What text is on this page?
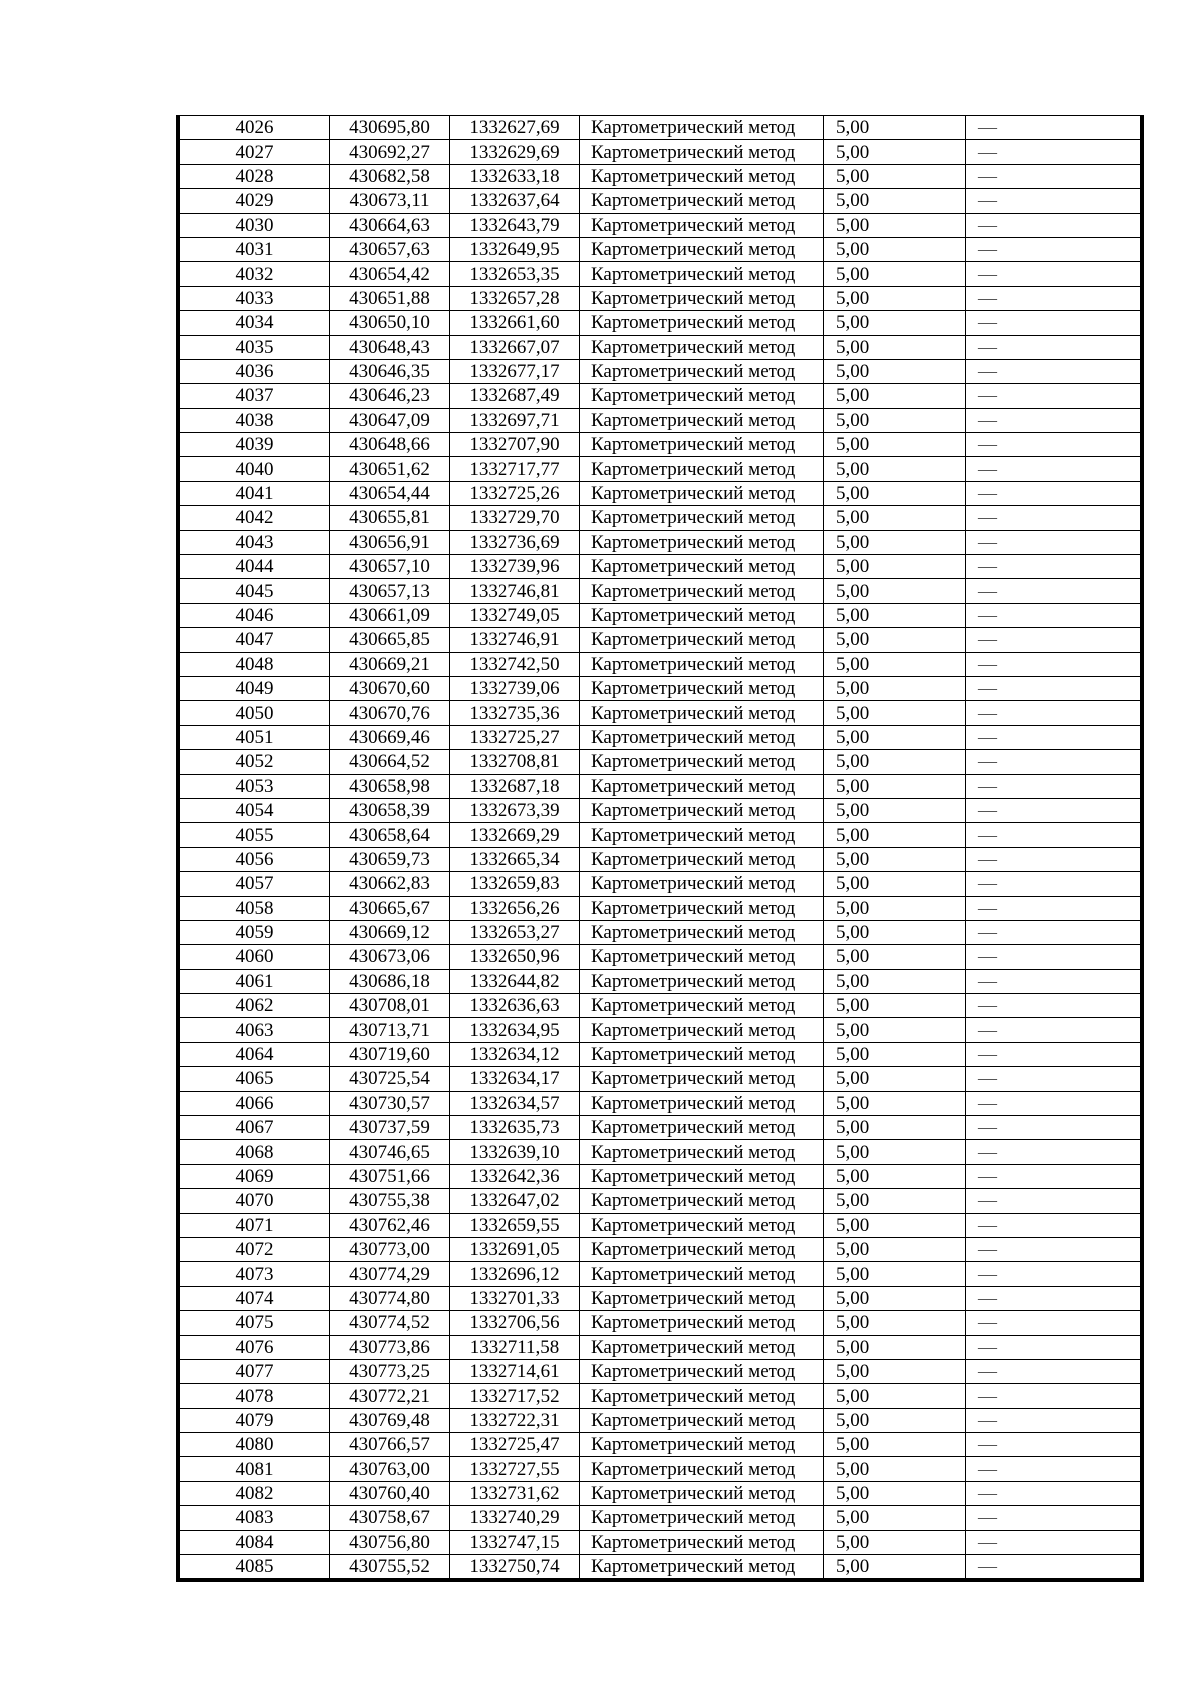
4026	430695,80	1332627,69	Картометрический метод	5,00	—
4027	430692,27	1332629,69	Картометрический метод	5,00	—
4028	430682,58	1332633,18	Картометрический метод	5,00	—
4029	430673,11	1332637,64	Картометрический метод	5,00	—
4030	430664,63	1332643,79	Картометрический метод	5,00	—
4031	430657,63	1332649,95	Картометрический метод	5,00	—
4032	430654,42	1332653,35	Картометрический метод	5,00	—
4033	430651,88	1332657,28	Картометрический метод	5,00	—
4034	430650,10	1332661,60	Картометрический метод	5,00	—
4035	430648,43	1332667,07	Картометрический метод	5,00	—
4036	430646,35	1332677,17	Картометрический метод	5,00	—
4037	430646,23	1332687,49	Картометрический метод	5,00	—
4038	430647,09	1332697,71	Картометрический метод	5,00	—
4039	430648,66	1332707,90	Картометрический метод	5,00	—
4040	430651,62	1332717,77	Картометрический метод	5,00	—
4041	430654,44	1332725,26	Картометрический метод	5,00	—
4042	430655,81	1332729,70	Картометрический метод	5,00	—
4043	430656,91	1332736,69	Картометрический метод	5,00	—
4044	430657,10	1332739,96	Картометрический метод	5,00	—
4045	430657,13	1332746,81	Картометрический метод	5,00	—
4046	430661,09	1332749,05	Картометрический метод	5,00	—
4047	430665,85	1332746,91	Картометрический метод	5,00	—
4048	430669,21	1332742,50	Картометрический метод	5,00	—
4049	430670,60	1332739,06	Картометрический метод	5,00	—
4050	430670,76	1332735,36	Картометрический метод	5,00	—
4051	430669,46	1332725,27	Картометрический метод	5,00	—
4052	430664,52	1332708,81	Картометрический метод	5,00	—
4053	430658,98	1332687,18	Картометрический метод	5,00	—
4054	430658,39	1332673,39	Картометрический метод	5,00	—
4055	430658,64	1332669,29	Картометрический метод	5,00	—
4056	430659,73	1332665,34	Картометрический метод	5,00	—
4057	430662,83	1332659,83	Картометрический метод	5,00	—
4058	430665,67	1332656,26	Картометрический метод	5,00	—
4059	430669,12	1332653,27	Картометрический метод	5,00	—
4060	430673,06	1332650,96	Картометрический метод	5,00	—
4061	430686,18	1332644,82	Картометрический метод	5,00	—
4062	430708,01	1332636,63	Картометрический метод	5,00	—
4063	430713,71	1332634,95	Картометрический метод	5,00	—
4064	430719,60	1332634,12	Картометрический метод	5,00	—
4065	430725,54	1332634,17	Картометрический метод	5,00	—
4066	430730,57	1332634,57	Картометрический метод	5,00	—
4067	430737,59	1332635,73	Картометрический метод	5,00	—
4068	430746,65	1332639,10	Картометрический метод	5,00	—
4069	430751,66	1332642,36	Картометрический метод	5,00	—
4070	430755,38	1332647,02	Картометрический метод	5,00	—
4071	430762,46	1332659,55	Картометрический метод	5,00	—
4072	430773,00	1332691,05	Картометрический метод	5,00	—
4073	430774,29	1332696,12	Картометрический метод	5,00	—
4074	430774,80	1332701,33	Картометрический метод	5,00	—
4075	430774,52	1332706,56	Картометрический метод	5,00	—
4076	430773,86	1332711,58	Картометрический метод	5,00	—
4077	430773,25	1332714,61	Картометрический метод	5,00	—
4078	430772,21	1332717,52	Картометрический метод	5,00	—
4079	430769,48	1332722,31	Картометрический метод	5,00	—
4080	430766,57	1332725,47	Картометрический метод	5,00	—
4081	430763,00	1332727,55	Картометрический метод	5,00	—
4082	430760,40	1332731,62	Картометрический метод	5,00	—
4083	430758,67	1332740,29	Картометрический метод	5,00	—
4084	430756,80	1332747,15	Картометрический метод	5,00	—
4085	430755,52	1332750,74	Картометрический метод	5,00	—
